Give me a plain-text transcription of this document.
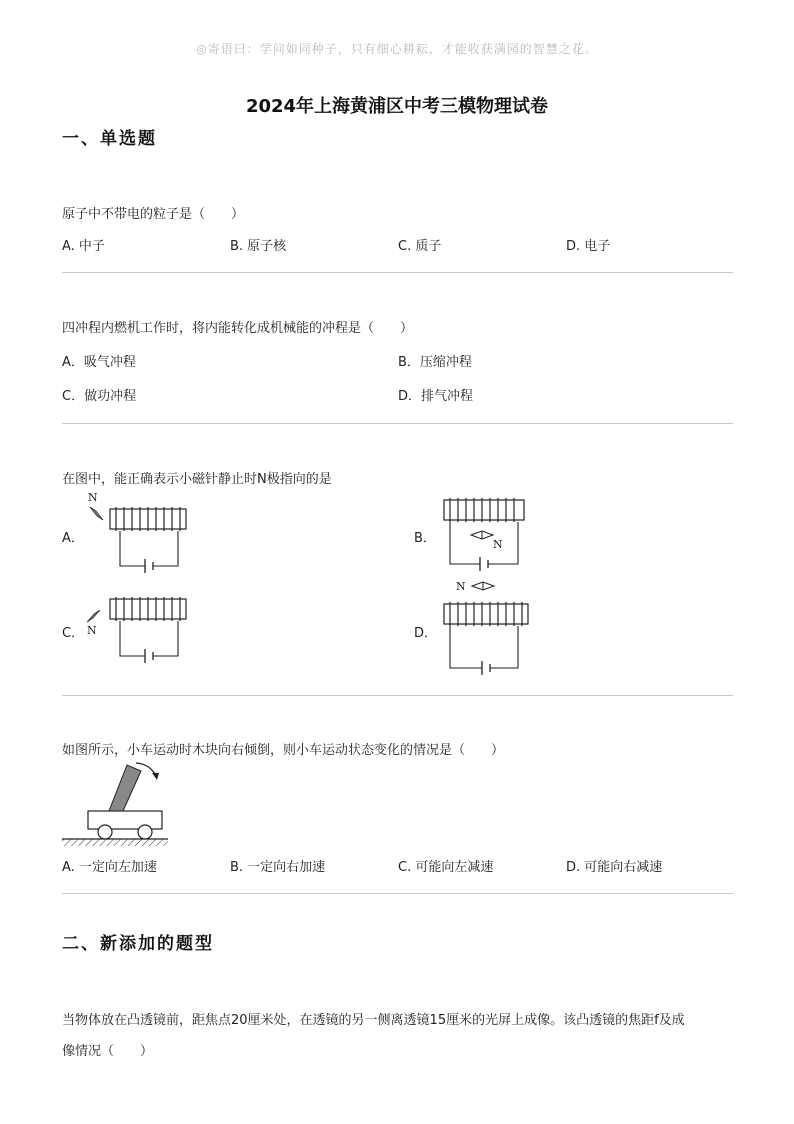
◎寄语曰：学问如同种子，只有细心耕耘，才能收获满园的智慧之花。
2024年上海黄浦区中考三模物理试卷
一、单选题
原子中不带电的粒子是（　　）
A. 中子	B. 原子核	C. 质子	D. 电子
四冲程内燃机工作时，将内能转化成机械能的冲程是（　　）
A．吸气冲程	B．压缩冲程
C．做功冲程	D．排气冲程
在图中，能正确表示小磁针静止时N极指向的是
A．	B．
C．	D．
N
N
N
N
如图所示，小车运动时木块向右倾倒，则小车运动状态变化的情况是（　　）
A. 一定向左加速	B. 一定向右加速	C. 可能向左减速	D. 可能向右减速
二、新添加的题型
当物体放在凸透镜前，距焦点20厘米处，在透镜的另一侧离透镜15厘米的光屏上成像。该凸透镜的焦距f及成
像情况（　　）
